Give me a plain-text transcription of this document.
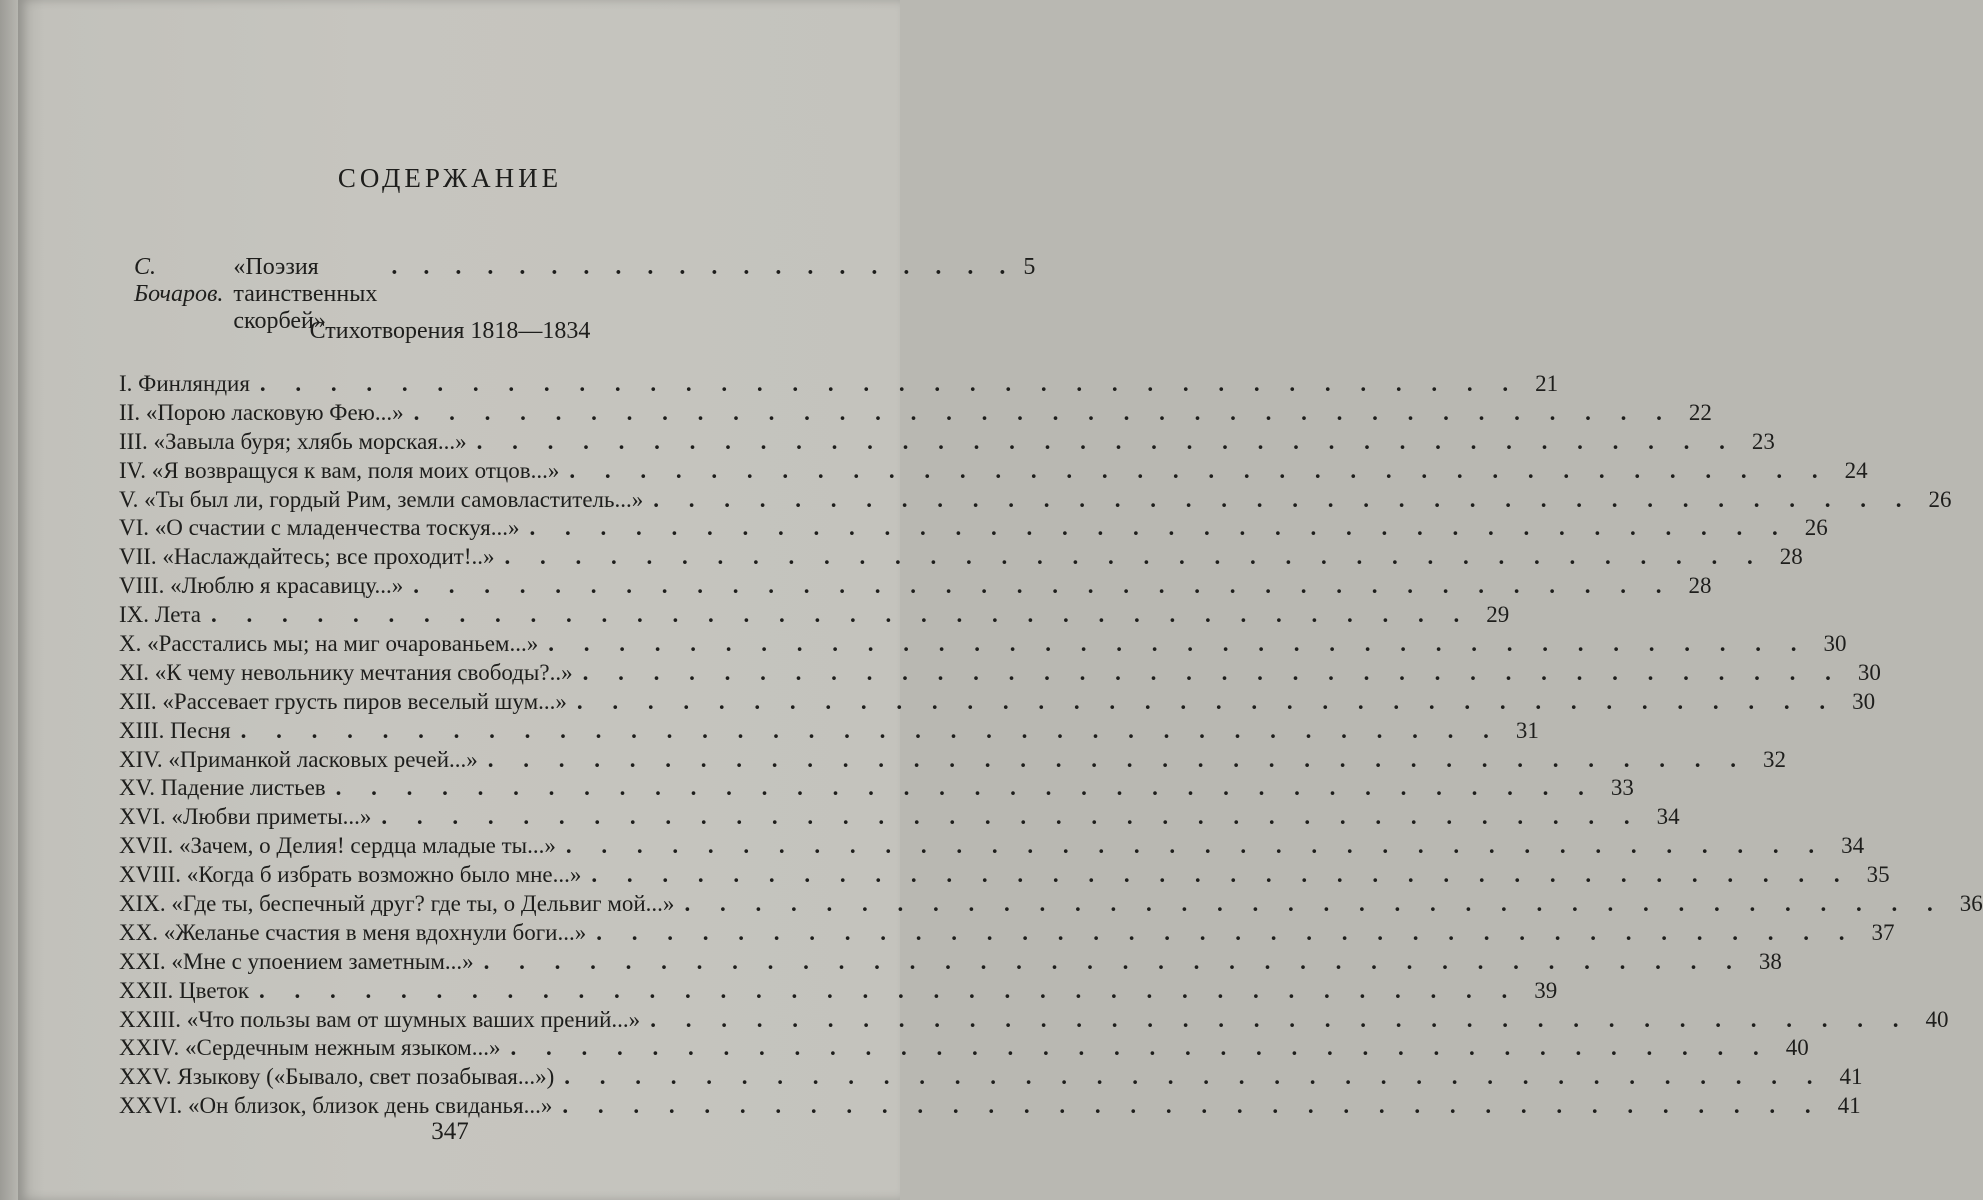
СОДЕРЖАНИЕ
С. Бочаров.
«Поэзия таинственных скорбей»
. . . . . . . . . . . . . . . . . . . . 5
Стихотворения 1818—1834
I. Финляндия . . . . . . . . . . . . . . . . . . . . . . . . . . . . . . . . . . . . 21
II. «Порою ласковую Фею...» . . . . . . . . . . . . . . . . . . . . . . . . . . . . . . . . . . . . 22
III. «Завыла буря; хлябь морская...» . . . . . . . . . . . . . . . . . . . . . . . . . . . . . . . . . . . . 23
IV. «Я возвращуся к вам, поля моих отцов...» . . . . . . . . . . . . . . . . . . . . . . . . . . . . . . . . . . . . 24
V. «Ты был ли, гордый Рим, земли самовластитель...» . . . . . . . . . . . . . . . . . . . . . . . . . . . . . . . . . . . . 26
VI. «О счастии с младенчества тоскуя...» . . . . . . . . . . . . . . . . . . . . . . . . . . . . . . . . . . . . 26
VII. «Наслаждайтесь; все проходит!..» . . . . . . . . . . . . . . . . . . . . . . . . . . . . . . . . . . . . 28
VIII. «Люблю я красавицу...» . . . . . . . . . . . . . . . . . . . . . . . . . . . . . . . . . . . . 28
IX. Лета . . . . . . . . . . . . . . . . . . . . . . . . . . . . . . . . . . . . 29
X. «Расстались мы; на миг очарованьем...» . . . . . . . . . . . . . . . . . . . . . . . . . . . . . . . . . . . . 30
XI. «К чему невольнику мечтания свободы?..» . . . . . . . . . . . . . . . . . . . . . . . . . . . . . . . . . . . . 30
XII. «Рассевает грусть пиров веселый шум...» . . . . . . . . . . . . . . . . . . . . . . . . . . . . . . . . . . . . 30
XIII. Песня . . . . . . . . . . . . . . . . . . . . . . . . . . . . . . . . . . . . 31
XIV. «Приманкой ласковых речей...» . . . . . . . . . . . . . . . . . . . . . . . . . . . . . . . . . . . . 32
XV. Падение листьев . . . . . . . . . . . . . . . . . . . . . . . . . . . . . . . . . . . . 33
XVI. «Любви приметы...» . . . . . . . . . . . . . . . . . . . . . . . . . . . . . . . . . . . . 34
XVII. «Зачем, о Делия! сердца младые ты...» . . . . . . . . . . . . . . . . . . . . . . . . . . . . . . . . . . . . 34
XVIII. «Когда б избрать возможно было мне...» . . . . . . . . . . . . . . . . . . . . . . . . . . . . . . . . . . . . 35
XIX. «Где ты, беспечный друг? где ты, о Дельвиг мой...» . . . . . . . . . . . . . . . . . . . . . . . . . . . . . . . . . . . . 36
XX. «Желанье счастия в меня вдохнули боги...» . . . . . . . . . . . . . . . . . . . . . . . . . . . . . . . . . . . . 37
XXI. «Мне с упоением заметным...» . . . . . . . . . . . . . . . . . . . . . . . . . . . . . . . . . . . . 38
XXII. Цветок . . . . . . . . . . . . . . . . . . . . . . . . . . . . . . . . . . . . 39
XXIII. «Что пользы вам от шумных ваших прений...» . . . . . . . . . . . . . . . . . . . . . . . . . . . . . . . . . . . . 40
XXIV. «Сердечным нежным языком...» . . . . . . . . . . . . . . . . . . . . . . . . . . . . . . . . . . . . 40
XXV. Языкову («Бывало, свет позабывая...») . . . . . . . . . . . . . . . . . . . . . . . . . . . . . . . . . . . . 41
XXVI. «Он близок, близок день свиданья...» . . . . . . . . . . . . . . . . . . . . . . . . . . . . . . . . . . . . 41
347
